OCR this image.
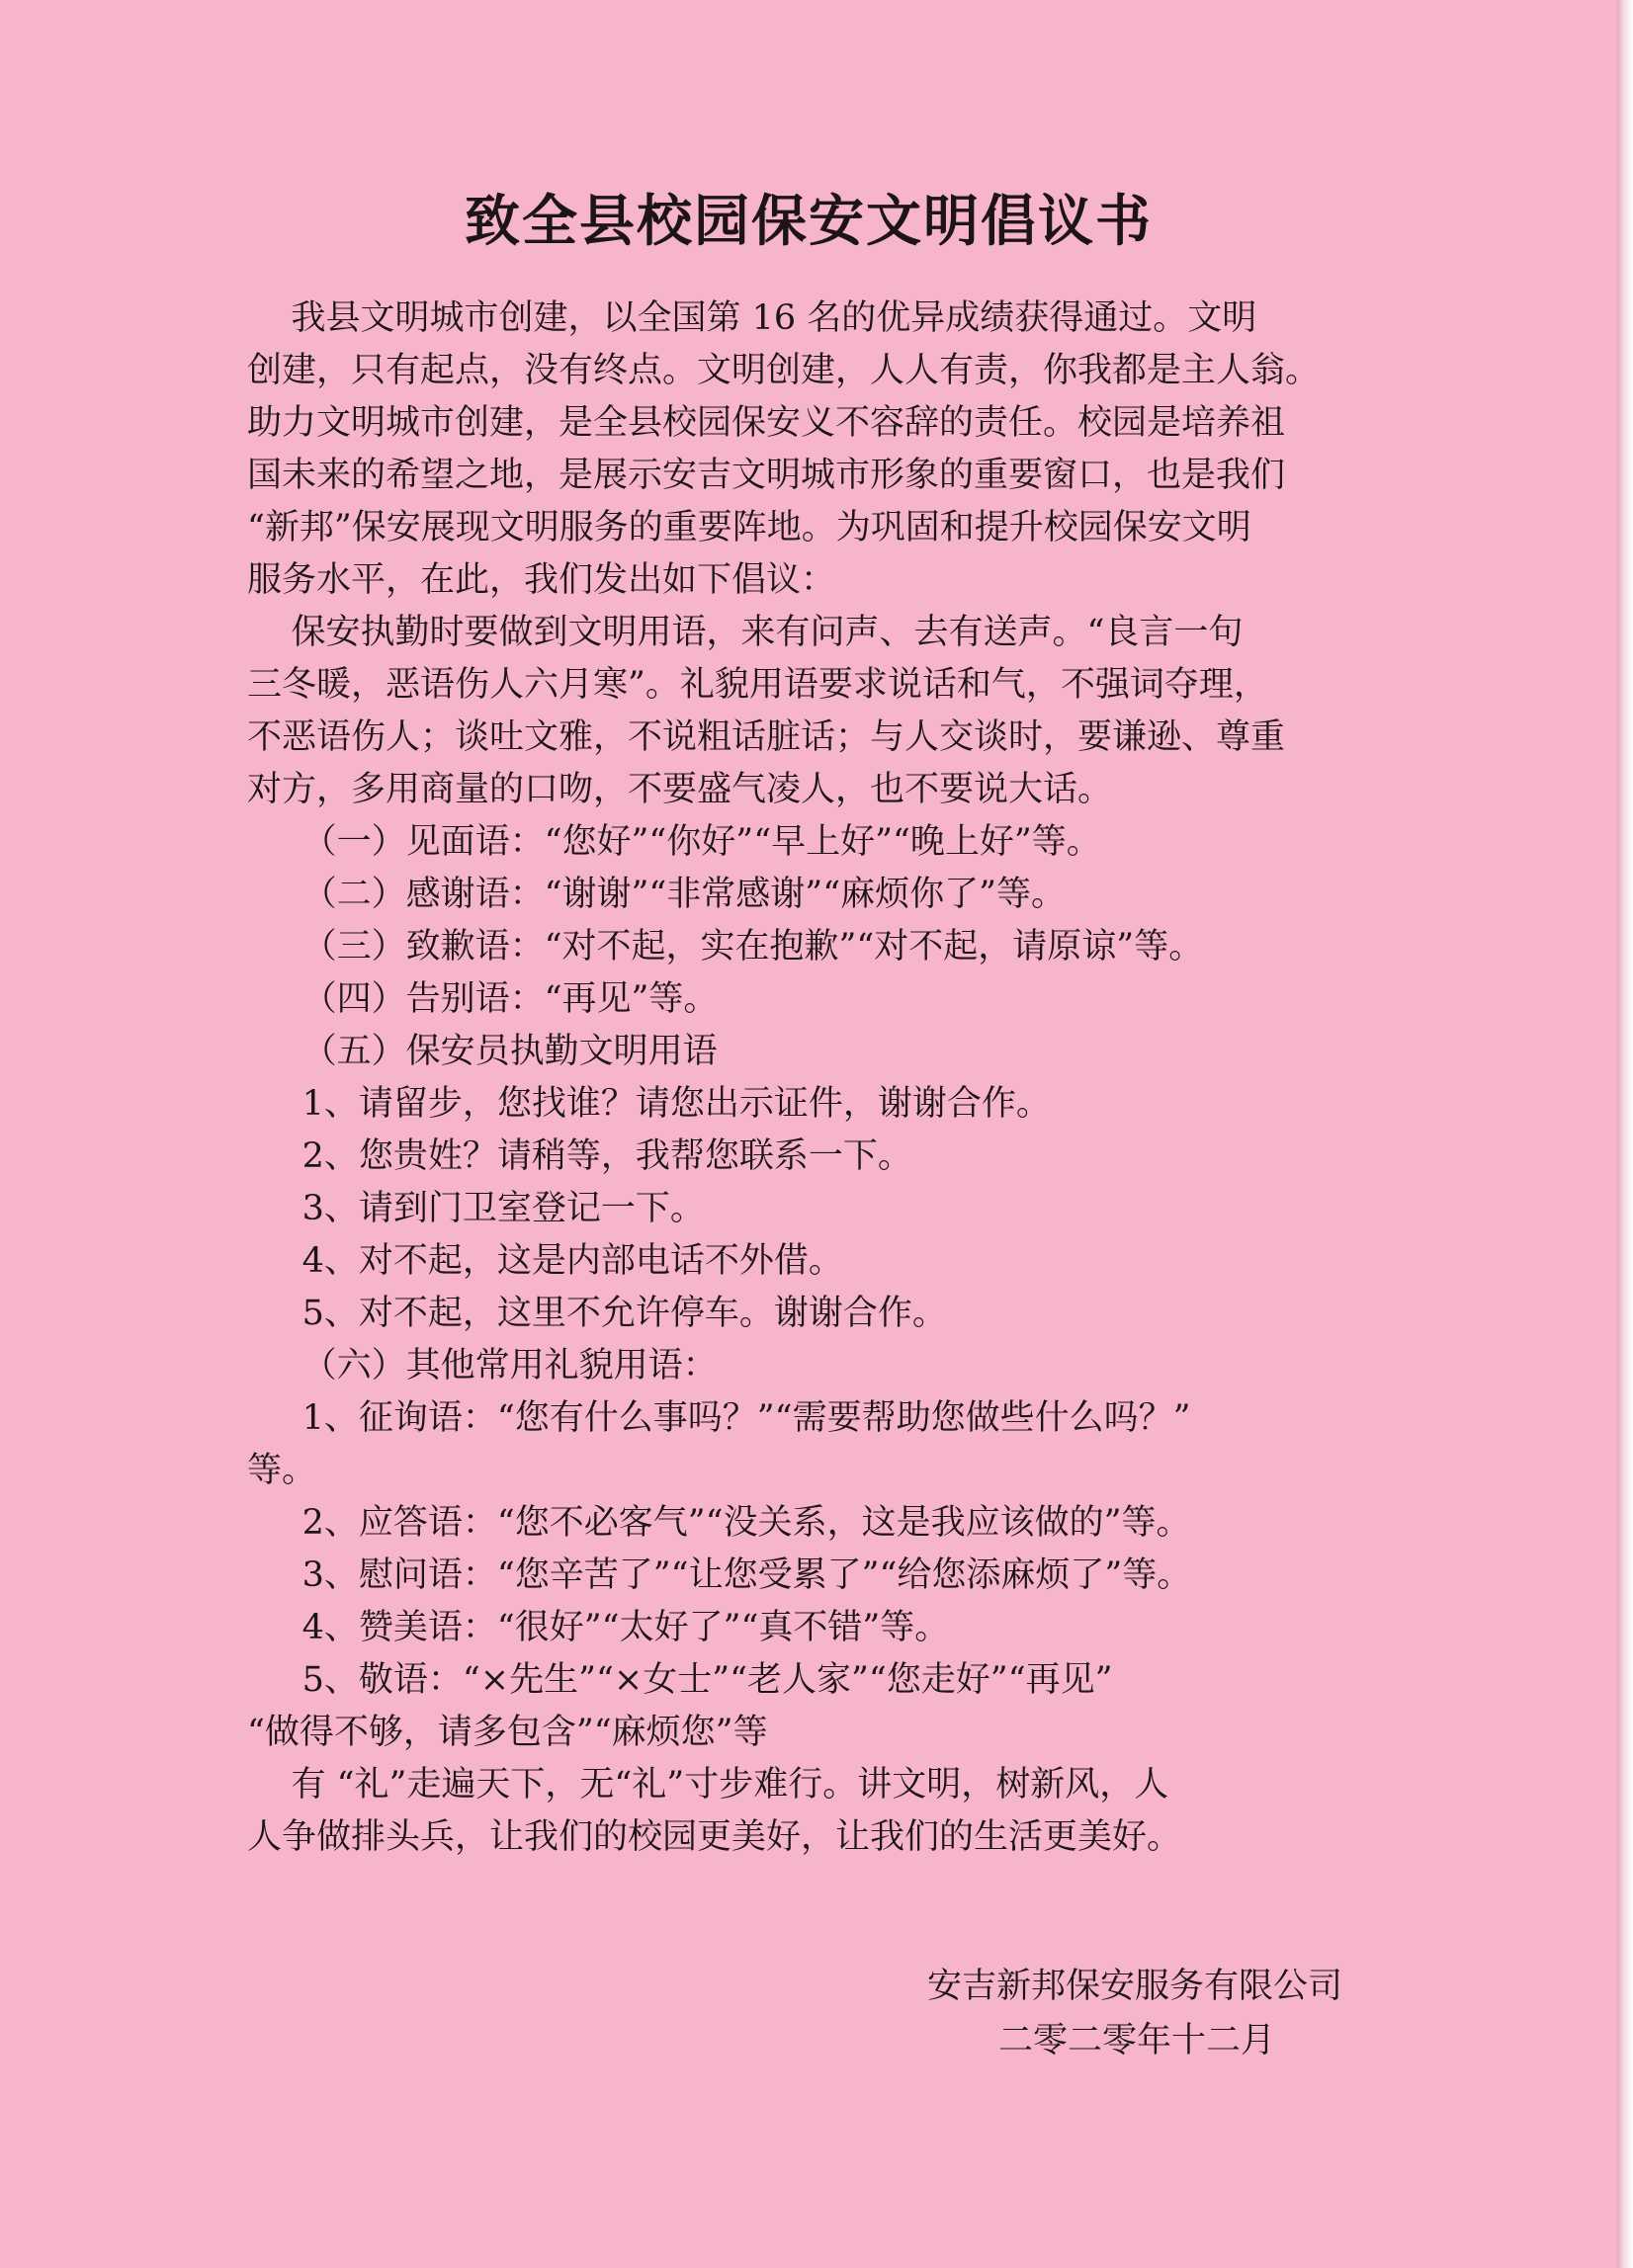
致全县校园保安文明倡议书

我县文明城市创建，以全国第 16 名的优异成绩获得通过。文明

创建，只有起点，没有终点。文明创建，人人有责，你我都是主人翁。

助力文明城市创建，是全县校园保安义不容辞的责任。校园是培养祖

国未来的希望之地，是展示安吉文明城市形象的重要窗口，也是我们

“新邦”保安展现文明服务的重要阵地。为巩固和提升校园保安文明

服务水平，在此，我们发出如下倡议：

保安执勤时要做到文明用语，来有问声、去有送声。“良言一句

三冬暖，恶语伤人六月寒”。礼貌用语要求说话和气，不强词夺理，

不恶语伤人；谈吐文雅，不说粗话脏话；与人交谈时，要谦逊、尊重

对方，多用商量的口吻，不要盛气凌人，也不要说大话。

（一）见面语：“您好”“你好”“早上好”“晚上好”等。

（二）感谢语：“谢谢”“非常感谢”“麻烦你了”等。

（三）致歉语：“对不起，实在抱歉”“对不起，请原谅”等。

（四）告别语：“再见”等。

（五）保安员执勤文明用语

1、请留步，您找谁？请您出示证件，谢谢合作。

2、您贵姓？请稍等，我帮您联系一下。

3、请到门卫室登记一下。

4、对不起，这是内部电话不外借。

5、对不起，这里不允许停车。谢谢合作。

（六）其他常用礼貌用语：

1、征询语：“您有什么事吗？”“需要帮助您做些什么吗？”

等。

2、应答语：“您不必客气”“没关系，这是我应该做的”等。

3、慰问语：“您辛苦了”“让您受累了”“给您添麻烦了”等。

4、赞美语：“很好”“太好了”“真不错”等。

5、敬语：“×先生”“×女士”“老人家”“您走好”“再见”

“做得不够，请多包含”“麻烦您”等

有 “礼”走遍天下，无“礼”寸步难行。讲文明，树新风，人

人争做排头兵，让我们的校园更美好，让我们的生活更美好。

安吉新邦保安服务有限公司

二零二零年十二月
